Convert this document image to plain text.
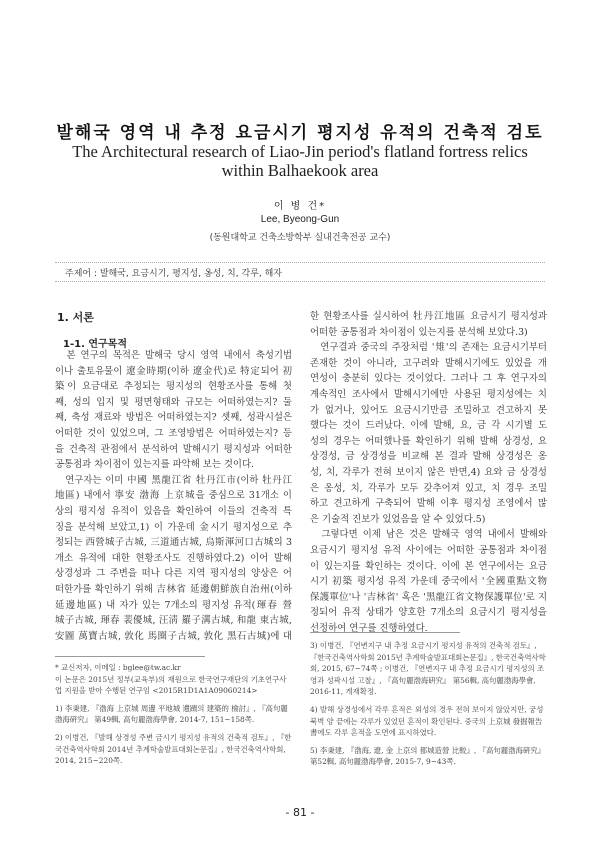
발해국 영역 내 추정 요금시기 평지성 유적의 건축적 검토
The Architectural research of Liao-Jin period's flatland fortress relics
within Balhaekook area
이 병 건*
Lee, Byeong-Gun
(동원대학교 건축소방학부 실내건축전공 교수)
주제어 : 발해국, 요금시기, 평지성, 옹성, 치, 각루, 해자
1. 서론
1-1. 연구목적
　본 연구의 목적은 발해국 당시 영역 내에서 축성기법
이나 출토유물이 遼金時期(이하 遼金代)로 特定되어 初
築이 요금대로 추정되는 평지성의 현황조사를 통해 첫
째, 성의 입지 및 평면형태와 규모는 어떠하였는지? 둘
째, 축성 재료와 방법은 어떠하였는지? 셋째, 성곽시설은
어떠한 것이 있었으며, 그 조영방법은 어떠하였는지? 등
을 건축적 관점에서 분석하여 발해시기 평지성과 어떠한
공통점과 차이점이 있는지를 파악해 보는 것이다.
　연구자는 이미 中國 黑龍江省 牡丹江市(이하 牡丹江
地區) 내에서 寧安 渤海 上京城을 중심으로 31개소 이
상의 평지성 유적이 있음을 확인하여 이들의 건축적 특
징을 분석해 보았고,1) 이 가운데 金시기 평지성으로 추
정되는 西營城子古城, 三道通古城, 烏斯渾河口古城의 3
개소 유적에 대한 현황조사도 진행하였다.2) 이어 발해
상경성과 그 주변을 떠나 다른 지역 평지성의 양상은 어
떠한가를 확인하기 위해 吉林省 延邊朝鮮族自治州(이하
延邊地區) 내 자가 있는 7개소의 평지성 유적(琿春 營
城子古城, 琿春 裴優城, 汪淸 羅子溝古城, 和龍 東古城,
安圖 萬寶古城, 敦化 馬圈子古城, 敦化 黑石古城)에 대

* 교신저자, 이메일 : bglee@tw.ac.kr

이 논문은 2015년 정부(교육부)의 재원으로 한국연구재단의 기초연구사업 지원을 받아 수행된 연구임 <2015R1D1A1A09060214>

1) 李秉建, 『渤海 上京城 周邊 平地城 遺蹟의 建築的 檢討』, 『高句麗渤海硏究』 第49輯, 高句麗渤海學會, 2014-7, 151~158쪽.

2) 이병건, 『발해 상경성 주변 금시기 평지성 유적의 건축적 검토』, 『한국건축역사학회 2014년 추계학술발표대회논문집』, 한국건축역사학회, 2014, 215~220쪽.

한 현황조사를 실시하여 牡丹江地區 요금시기 평지성과
어떠한 공통점과 차이점이 있는지를 분석해 보았다.3)
　연구결과 중국의 주장처럼 '雉'의 존재는 요금시기부터
존재한 것이 아니라, 고구려와 발해시기에도 있었을 개
연성이 충분히 있다는 것이었다. 그러나 그 후 연구자의
계속적인 조사에서 발해시기에만 사용된 평지성에는 치
가 없거나, 있어도 요금시기만큼 조밀하고 견고하지 못
했다는 것이 드러났다. 이에 발해, 요, 금 각 시기별 도
성의 경우는 어떠했나를 확인하기 위해 발해 상경성, 요
상경성, 금 상경성을 비교해 본 결과 발해 상경성은 옹
성, 치, 각루가 전혀 보이지 않은 반면,4) 요와 금 상경성
은 옹성, 치, 각루가 모두 갖추어져 있고, 치 경우 조밀
하고 견고하게 구축되어 발해 이후 평지성 조영에서 많
은 기술적 진보가 있었음을 알 수 있었다.5)
　그렇다면 이제 남은 것은 발해국 영역 내에서 발해와
요금시기 평지성 유적 사이에는 어떠한 공통점과 차이점
이 있는지를 확인하는 것이다. 이에 본 연구에서는 요금
시기 初築 평지성 유적 가운데 중국에서 '全國重點文物
保護單位'나 '吉林省' 혹은 '黑龍江省文物保護單位'로 지
정되어 유적 상태가 양호한 7개소의 요금시기 평지성을
선정하여 연구를 진행하였다.

3) 이병건, 『연변지구 내 추정 요금시기 평지성 유적의 건축적 검토』, 『한국건축역사학회 2015년 추계학술발표대회논문집』, 한국건축역사학회, 2015, 67~74쪽 ; 이병건, 『연변지구 내 추정 요금시기 평지성의 조영과 성곽시설 고찰』, 『高句麗渤海硏究』 第56輯, 高句麗渤海學會, 2016-11, 게재확정.

4) 발해 상경성에서 각루 흔적은 외성의 경우 전혀 보이지 않았지만, 궁성 북벽 양 끝에는 각루가 있었던 흔적이 확인된다. 중국의 上京城 發掘報告書에도 각루 흔적을 도면에 표시하였다.

5) 李秉建, 『渤海, 遼, 金 上京의 都城造營 比較』, 『高句麗渤海硏究』 第52輯, 高句麗渤海學會, 2015-7, 9~43쪽.

- 81 -
